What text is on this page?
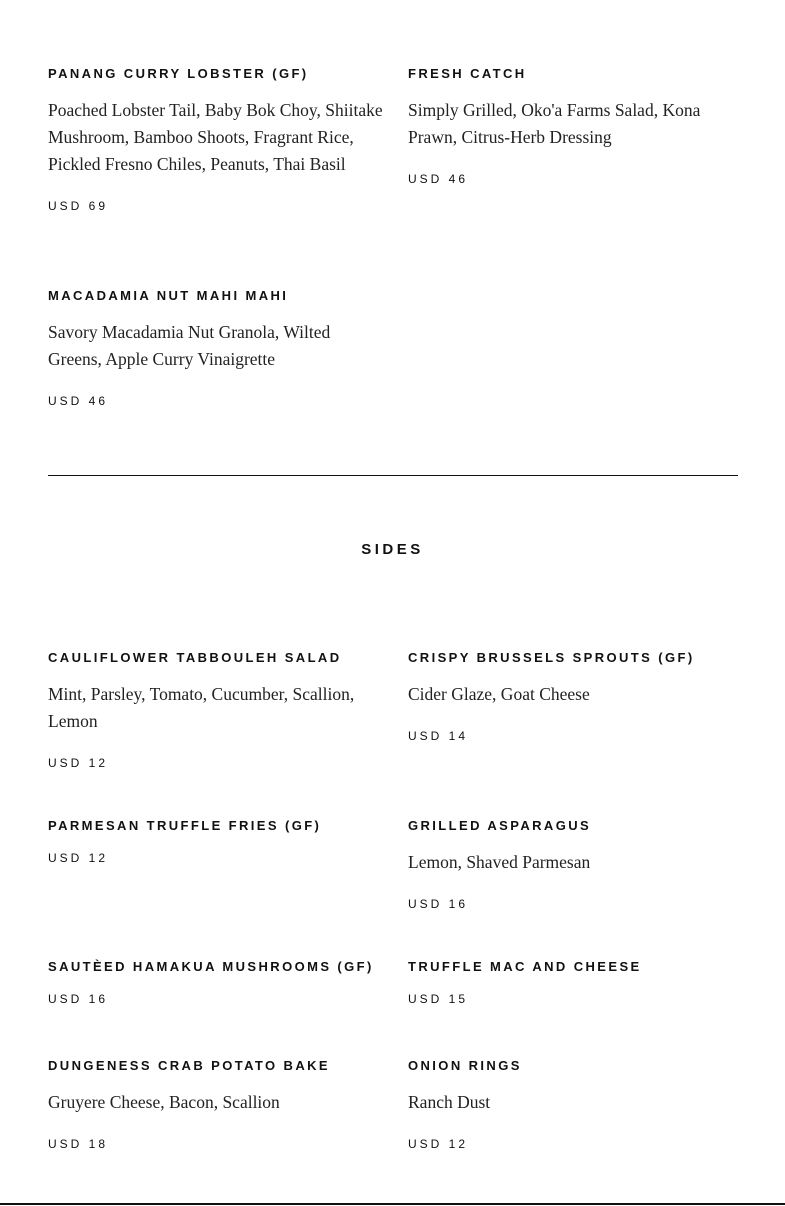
PANANG CURRY LOBSTER (GF)

Poached Lobster Tail, Baby Bok Choy, Shiitake Mushroom, Bamboo Shoots, Fragrant Rice, Pickled Fresno Chiles, Peanuts, Thai Basil

USD 69

FRESH CATCH

Simply Grilled, Oko'a Farms Salad, Kona Prawn, Citrus-Herb Dressing

USD 46

MACADAMIA NUT MAHI MAHI

Savory Macadamia Nut Granola, Wilted Greens, Apple Curry Vinaigrette

USD 46

SIDES

CAULIFLOWER TABBOULEH SALAD

Mint, Parsley, Tomato, Cucumber, Scallion, Lemon

USD 12

CRISPY BRUSSELS SPROUTS (GF)

Cider Glaze, Goat Cheese

USD 14

PARMESAN TRUFFLE FRIES (GF)

USD 12

GRILLED ASPARAGUS

Lemon, Shaved Parmesan

USD 16

SAUTÈED HAMAKUA MUSHROOMS (GF)

USD 16

TRUFFLE MAC AND CHEESE

USD 15

DUNGENESS CRAB POTATO BAKE

Gruyere Cheese, Bacon, Scallion

USD 18

ONION RINGS

Ranch Dust

USD 12
